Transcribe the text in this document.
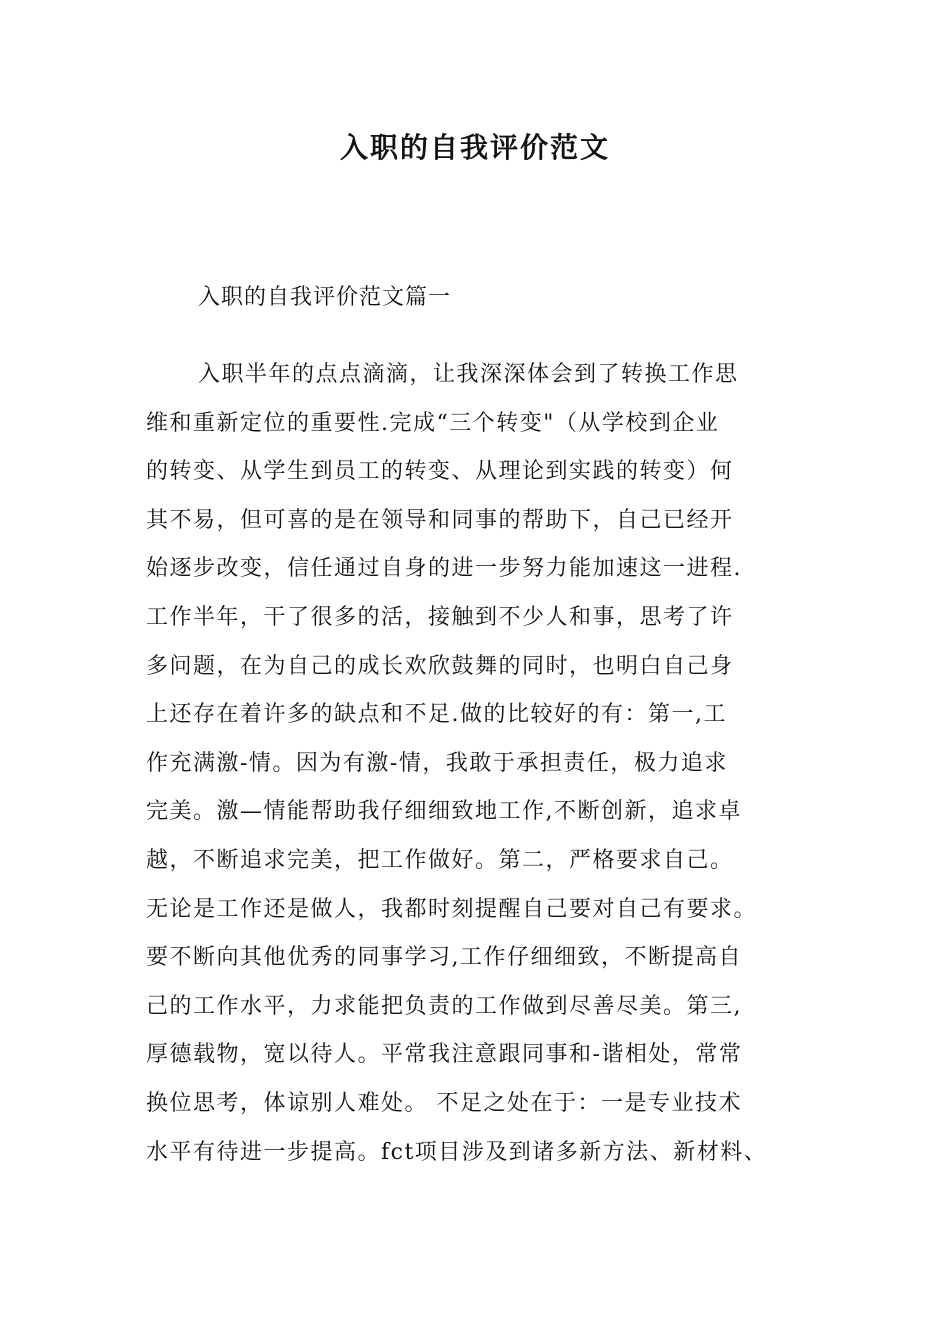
入职的自我评价范文
入职的自我评价范文篇一
入职半年的点点滴滴，让我深深体会到了转换工作思
维和重新定位的重要性.完成“三个转变"（从学校到企业
的转变、从学生到员工的转变、从理论到实践的转变）何
其不易，但可喜的是在领导和同事的帮助下，自己已经开
始逐步改变，信任通过自身的进一步努力能加速这一进程.
工作半年，干了很多的活，接触到不少人和事，思考了许
多问题，在为自己的成长欢欣鼓舞的同时，也明白自己身
上还存在着许多的缺点和不足.做的比较好的有：第一,工
作充满激-情。因为有激-情，我敢于承担责任，极力追求
完美。激—情能帮助我仔细细致地工作,不断创新，追求卓
越，不断追求完美，把工作做好。第二，严格要求自己。
无论是工作还是做人，我都时刻提醒自己要对自己有要求。
要不断向其他优秀的同事学习,工作仔细细致，不断提高自
己的工作水平，力求能把负责的工作做到尽善尽美。第三,
厚德载物，宽以待人。平常我注意跟同事和-谐相处，常常
换位思考，体谅别人难处。 不足之处在于：一是专业技术
水平有待进一步提高。fct项目涉及到诸多新方法、新材料、
